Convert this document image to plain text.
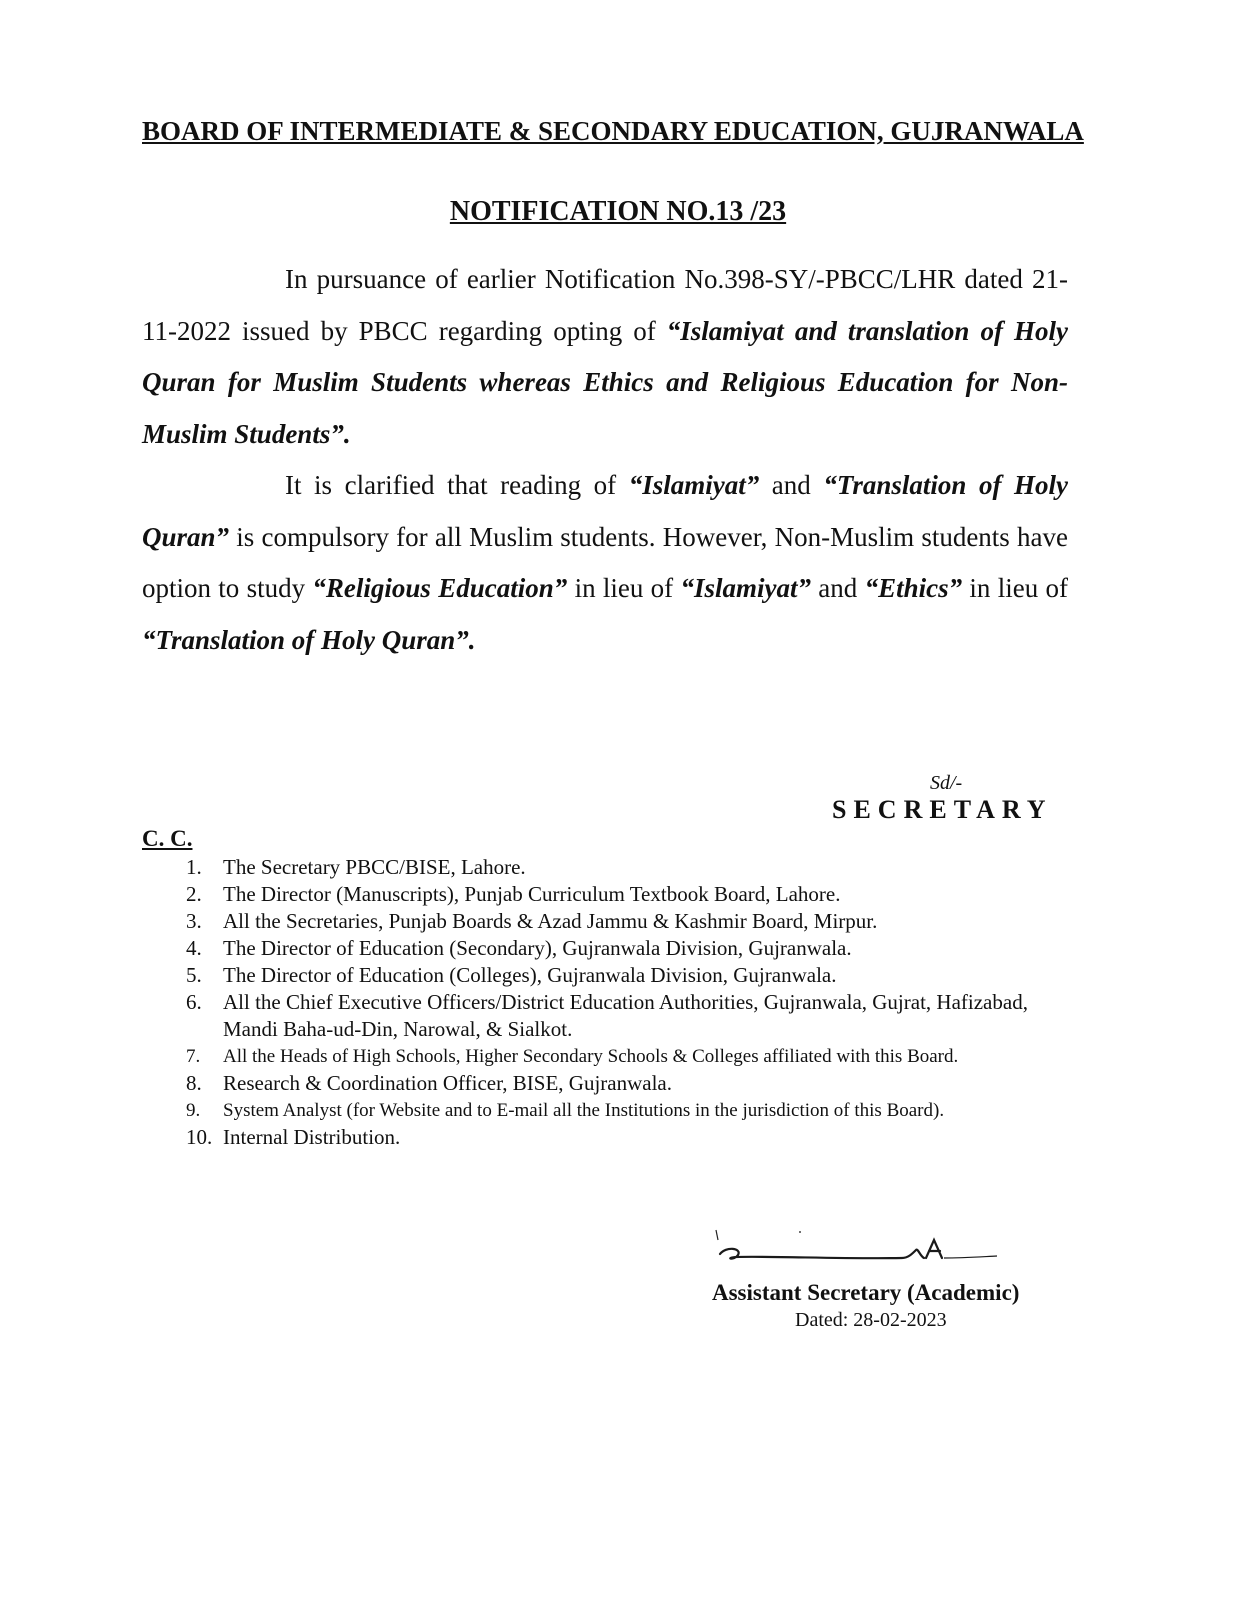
BOARD OF INTERMEDIATE & SECONDARY EDUCATION, GUJRANWALA
NOTIFICATION NO.13 /23

In pursuance of earlier Notification No.398-SY/-PBCC/LHR dated 21-11-2022 issued by PBCC regarding opting of “Islamiyat and translation of Holy Quran for Muslim Students whereas Ethics and Religious Education for Non-Muslim Students”.

It is clarified that reading of “Islamiyat” and “Translation of Holy Quran” is compulsory for all Muslim students. However, Non-Muslim students have option to study “Religious Education” in lieu of “Islamiyat” and “Ethics” in lieu of “Translation of Holy Quran”.

Sd/-
SECRETARY
C. C.
1. The Secretary PBCC/BISE, Lahore.
2. The Director (Manuscripts), Punjab Curriculum Textbook Board, Lahore.
3. All the Secretaries, Punjab Boards & Azad Jammu & Kashmir Board, Mirpur.
4. The Director of Education (Secondary), Gujranwala Division, Gujranwala.
5. The Director of Education (Colleges), Gujranwala Division, Gujranwala.
6. All the Chief Executive Officers/District Education Authorities, Gujranwala, Gujrat, Hafizabad, Mandi Baha-ud-Din, Narowal, & Sialkot.
7. All the Heads of High Schools, Higher Secondary Schools & Colleges affiliated with this Board.
8. Research & Coordination Officer, BISE, Gujranwala.
9. System Analyst (for Website and to E-mail all the Institutions in the jurisdiction of this Board).
10. Internal Distribution.
Assistant Secretary (Academic)
Dated: 28-02-2023
